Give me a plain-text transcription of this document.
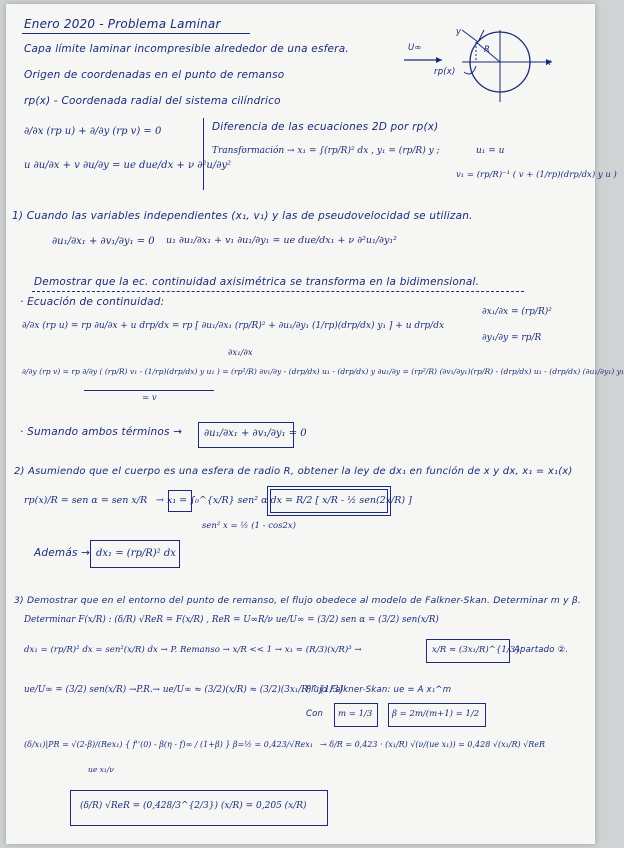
Enero 2020 - Problema Laminar
Capa límite laminar incompresible alrededor de una esfera.
Origen de coordenadas en el punto de remanso
rp(x) - Coordenada radial del sistema cilíndrico
U∞
rp(x)
x
y
R
∂/∂x (rp u) + ∂/∂y (rp v) = 0
u ∂u/∂x + v ∂u/∂y = ue due/dx + ν ∂²u/∂y²
Diferencia de las ecuaciones 2D por rp(x)
Transformación → x₁ = ∫(rp/R)² dx , y₁ = (rp/R) y ;	u₁ = u
v₁ = (rp/R)⁻¹ ( v + (1/rp)(drp/dx) y u )
1) Cuando las variables independientes (x₁, v₁) y las de pseudovelocidad se utilizan.
∂u₁/∂x₁ + ∂v₁/∂y₁ = 0 u₁ ∂u₁/∂x₁ + v₁ ∂u₁/∂y₁ = ue due/dx₁ + ν ∂²u₁/∂y₁²
Demostrar que la ec. continuidad axisimétrica se transforma en la bidimensional.
· Ecuación de continuidad:
∂/∂x (rp u) = rp ∂u/∂x + u drp/dx = rp [ ∂u₁/∂x₁ (rp/R)² + ∂u₁/∂y₁ (1/rp)(drp/dx) y₁ ] + u drp/dx
∂x₁/∂x
∂x₁/∂x = (rp/R)²
∂y₁/∂y = rp/R
∂/∂y (rp v) = rp ∂/∂y ( (rp/R) v₁ - (1/rp)(drp/dx) y u₁ ) = (rp²/R) ∂v₁/∂y - (drp/dx) u₁ - (drp/dx) y ∂u₁/∂y = (rp²/R) (∂v₁/∂y₁)(rp/R) - (drp/dx) u₁ - (drp/dx) (∂u₁/∂y₁) y₁
= v
· Sumando ambos términos → ∂u₁/∂x₁ + ∂v₁/∂y₁ = 0
2) Asumiendo que el cuerpo es una esfera de radio R, obtener la ley de dx₁ en función de x y dx, x₁ = x₁(x)
rp(x)/R = sen α = sen x/R → x₁ = ∫₀^{x/R} sen² α dx = R/2 [ x/R - ½ sen(2x/R) ]
sen² x = ½ (1 - cos2x)
Además → dx₁ = (rp/R)² dx
3) Demostrar que en el entorno del punto de remanso, el flujo obedece al modelo de Falkner-Skan. Determinar m y β.
Determinar F(x/R) : (δ/R) √ReR = F(x/R) , ReR = U∞R/ν ue/U∞ = (3/2) sen α = (3/2) sen(x/R)
dx₁ = (rp/R)² dx = sen²(x/R) dx → P. Remanso → x/R << 1 → x₁ ≈ (R/3)(x/R)³ →	x/R ≈ (3x₁/R)^{1/3}
Apartado ②.
ue/U∞ = (3/2) sen(x/R) →P.R.→ ue/U∞ ≈ (3/2)(x/R) ≈ (3/2)(3x₁/R)^{1/3}
Flujo Falkner-Skan: ue = A x₁^m
Con m = 1/3 β = 2m/(m+1) = 1/2
(δ/x₁)|PR = √(2-β)/(Rex₁) { f''(0) - β(η - f)∞ / (1+β) } β=½ = 0,423/√Rex₁
ue x₁/ν
→ δ/R = 0,423 · (x₁/R) √(ν/(ue x₁)) = 0,428 √(x₁/R) √ReR
(δ/R) √ReR = (0,428/3^{2/3}) (x/R) = 0,205 (x/R)
